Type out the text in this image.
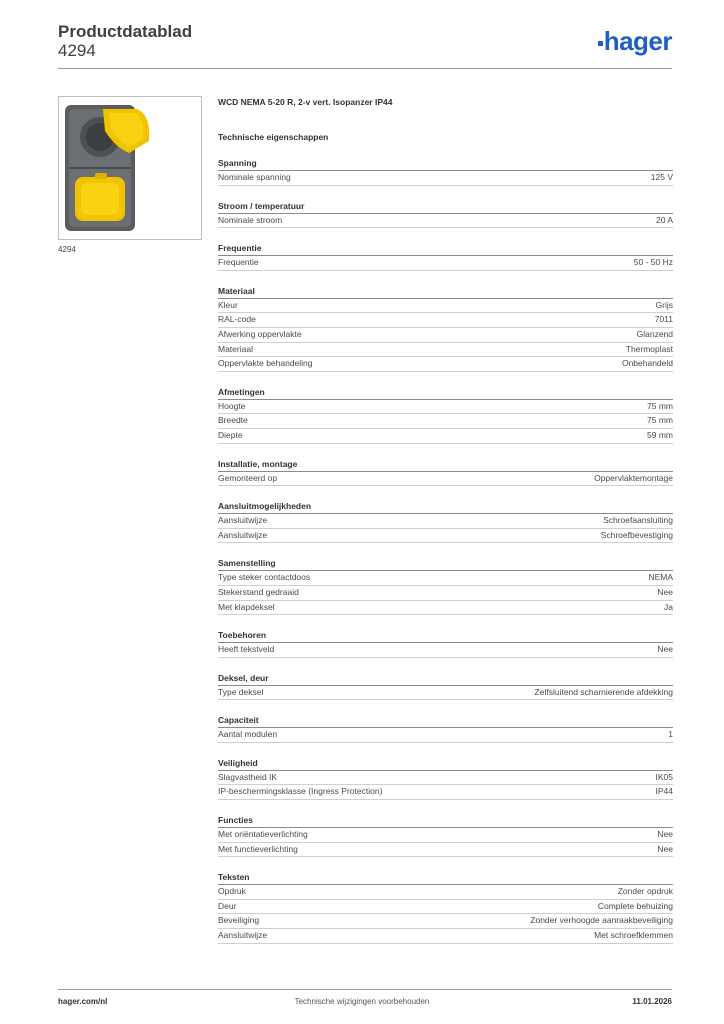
Productdatablad
4294	hager
4294
WCD NEMA 5-20 R, 2-v vert. Isopanzer IP44
Technische eigenschappen
Spanning
Nominale spanning	125 V
Stroom / temperatuur
Nominale stroom	20 A
Frequentie
Frequentie	50 - 50 Hz
Materiaal
Kleur	Grijs
RAL-code	7011
Afwerking oppervlakte	Glanzend
Materiaal	Thermoplast
Oppervlakte behandeling	Onbehandeld
Afmetingen
Hoogte	75 mm
Breedte	75 mm
Diepte	59 mm
Installatie, montage
Gemonteerd op	Oppervlaktemontage
Aansluitmogelijkheden
Aansluitwijze	Schroefaansluiting
Aansluitwijze	Schroefbevestiging
Samenstelling
Type steker contactdoos	NEMA
Stekerstand gedraaid	Nee
Met klapdeksel	Ja
Toebehoren
Heeft tekstveld	Nee
Deksel, deur
Type deksel	Zelfsluitend scharnierende afdekking
Capaciteit
Aantal modulen	1
Veiligheid
Slagvastheid IK	IK05
IP-beschermingsklasse (Ingress Protection)	IP44
Functies
Met oriëntatieverlichting	Nee
Met functieverlichting	Nee
Teksten
Opdruk	Zonder opdruk
Deur	Complete behuizing
Beveiliging	Zonder verhoogde aanraakbeveiliging
Aansluitwijze	Met schroefklemmen
hager.com/nl	Technische wijzigingen voorbehouden	11.01.2026
